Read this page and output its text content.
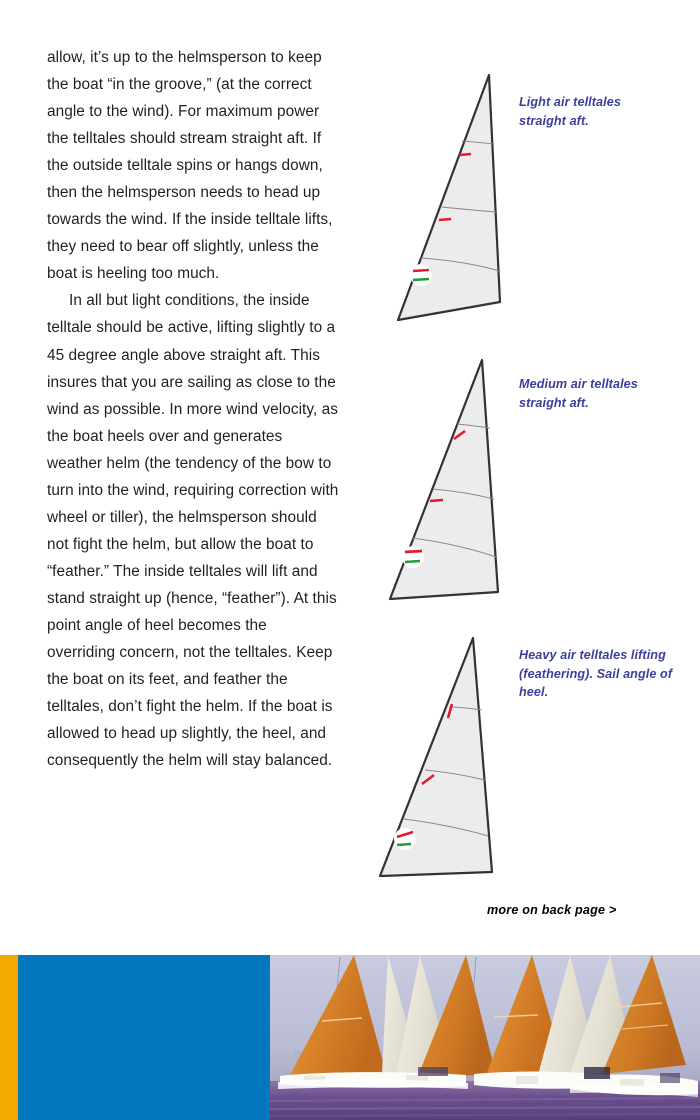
allow, it’s up to the helmsperson to keep the boat “in the groove,” (at the correct angle to the wind). For maximum power the telltales should stream straight aft. If the outside telltale spins or hangs down, then the helmsperson needs to head up towards the wind. If the inside telltale lifts, they need to bear off slightly, unless the boat is heeling too much.

In all but light conditions, the inside telltale should be active, lifting slightly to a 45 degree angle above straight aft. This insures that you are sailing as close to the wind as possible. In more wind velocity, as the boat heels over and generates weather helm (the tendency of the bow to turn into the wind, requiring correction with wheel or tiller), the helmsperson should not fight the helm, but allow the boat to “feather.” The inside telltales will lift and stand straight up (hence, “feather”). At this point angle of heel becomes the overriding concern, not the telltales. Keep the boat on its feet, and feather the telltales, don’t fight the helm. If the boat is allowed to head up slightly, the heel, and consequently the helm will stay balanced.

Light air telltales straight aft.
Medium air telltales straight aft.
Heavy air telltales lifting (feathering). Sail angle of heel.
more on back page >
